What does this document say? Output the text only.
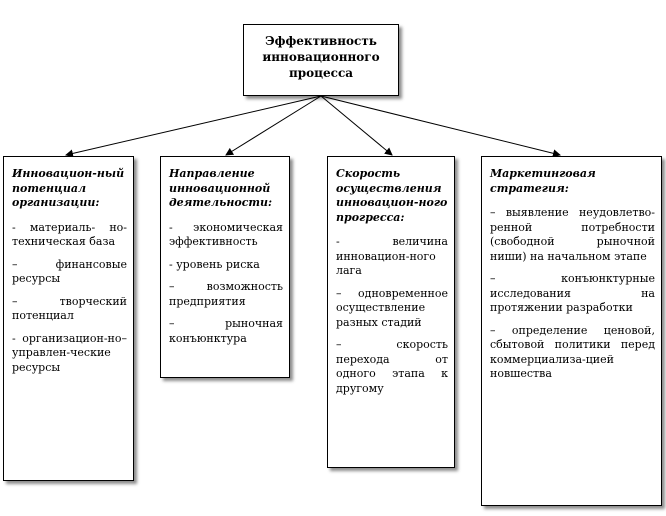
Эффективность
инновационного
процесса
Инновацион-ный потенциал организации:
- материаль- но-техническая база
– финансовые ресурсы
– творческий потенциал
- организацион-но–управлен-ческие ресурсы
Направление инновационной деятельности:
- экономическая эффективность
- уровень риска
– возможность предприятия
– рыночная конъюнктура
Скорость осуществления инновацион-ного прогресса:
- величина инновацион-ного лага
– одновременное осуществление разных стадий
– скорость перехода от одного этапа к другому
Маркетинговая стратегия:
– выявление неудовлетво- ренной потребности (свободной рыночной ниши) на начальном этапе
– конъюнктурные исследования на протяжении разработки
– определение ценовой, сбытовой политики перед коммерциализа-цией новшества
